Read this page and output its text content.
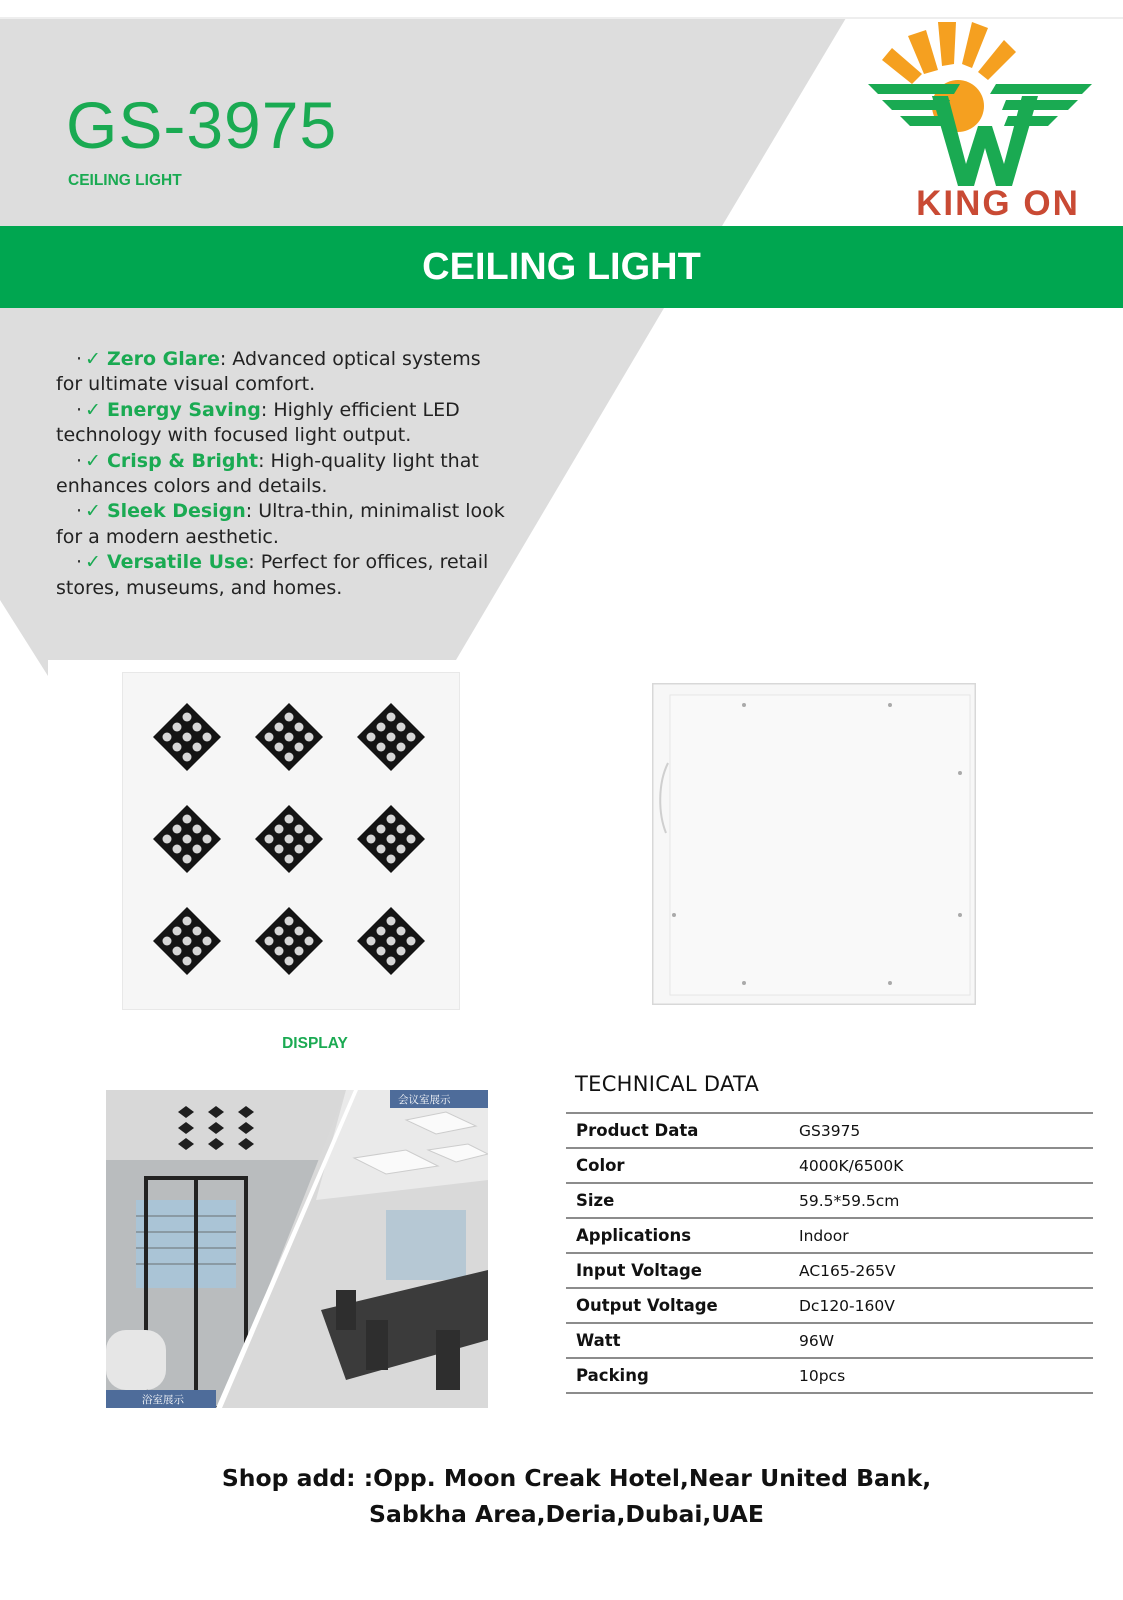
GS-3975
CEILING LIGHT
KING ON
CEILING LIGHT

· ✓ Zero Glare: Advanced optical systems for ultimate visual comfort.

· ✓ Energy Saving: Highly efficient LED technology with focused light output.

· ✓ Crisp & Bright: High-quality light that enhances colors and details.

· ✓ Sleek Design: Ultra-thin, minimalist look for a modern aesthetic.

· ✓ Versatile Use: Perfect for offices, retail stores, museums, and homes.

DISPLAY
会议室展示
浴室展示
TECHNICAL DATA
Product Data	GS3975
Color	4000K/6500K
Size	59.5*59.5cm
Applications	Indoor
Input Voltage	AC165-265V
Output Voltage	Dc120-160V
Watt	96W
Packing	10pcs
Shop add: :Opp. Moon Creak Hotel,Near United Bank,
Sabkha Area,Deria,Dubai,UAE
